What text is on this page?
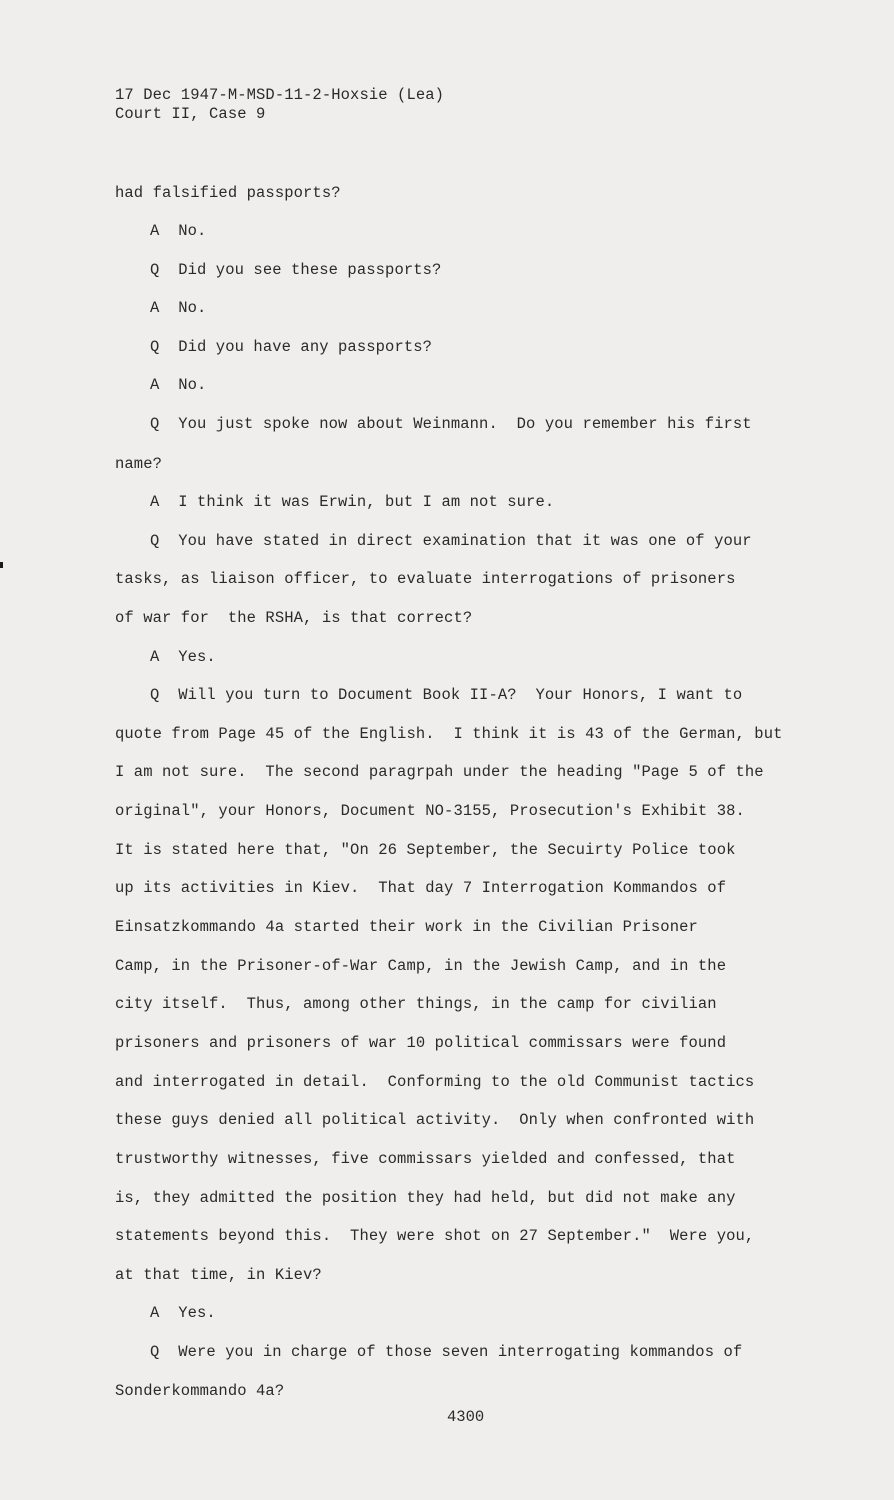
17 Dec 1947-M-MSD-11-2-Hoxsie (Lea)
Court II, Case 9
had falsified passports?
A  No.
Q  Did you see these passports?
A  No.
Q  Did you have any passports?
A  No.
Q  You just spoke now about Weinmann.  Do you remember his first
name?
A  I think it was Erwin, but I am not sure.
Q  You have stated in direct examination that it was one of your
tasks, as liaison officer, to evaluate interrogations of prisoners
of war for  the RSHA, is that correct?
A  Yes.
Q  Will you turn to Document Book II-A?  Your Honors, I want to
quote from Page 45 of the English.  I think it is 43 of the German, but
I am not sure.  The second paragrpah under the heading "Page 5 of the
original", your Honors, Document NO-3155, Prosecution's Exhibit 38.
It is stated here that, "On 26 September, the Secuirty Police took
up its activities in Kiev.  That day 7 Interrogation Kommandos of
Einsatzkommando 4a started their work in the Civilian Prisoner
Camp, in the Prisoner-of-War Camp, in the Jewish Camp, and in the
city itself.  Thus, among other things, in the camp for civilian
prisoners and prisoners of war 10 political commissars were found
and interrogated in detail.  Conforming to the old Communist tactics
these guys denied all political activity.  Only when confronted with
trustworthy witnesses, five commissars yielded and confessed, that
is, they admitted the position they had held, but did not make any
statements beyond this.  They were shot on 27 September."  Were you,
at that time, in Kiev?
A  Yes.
Q  Were you in charge of those seven interrogating kommandos of
Sonderkommando 4a?
4300
